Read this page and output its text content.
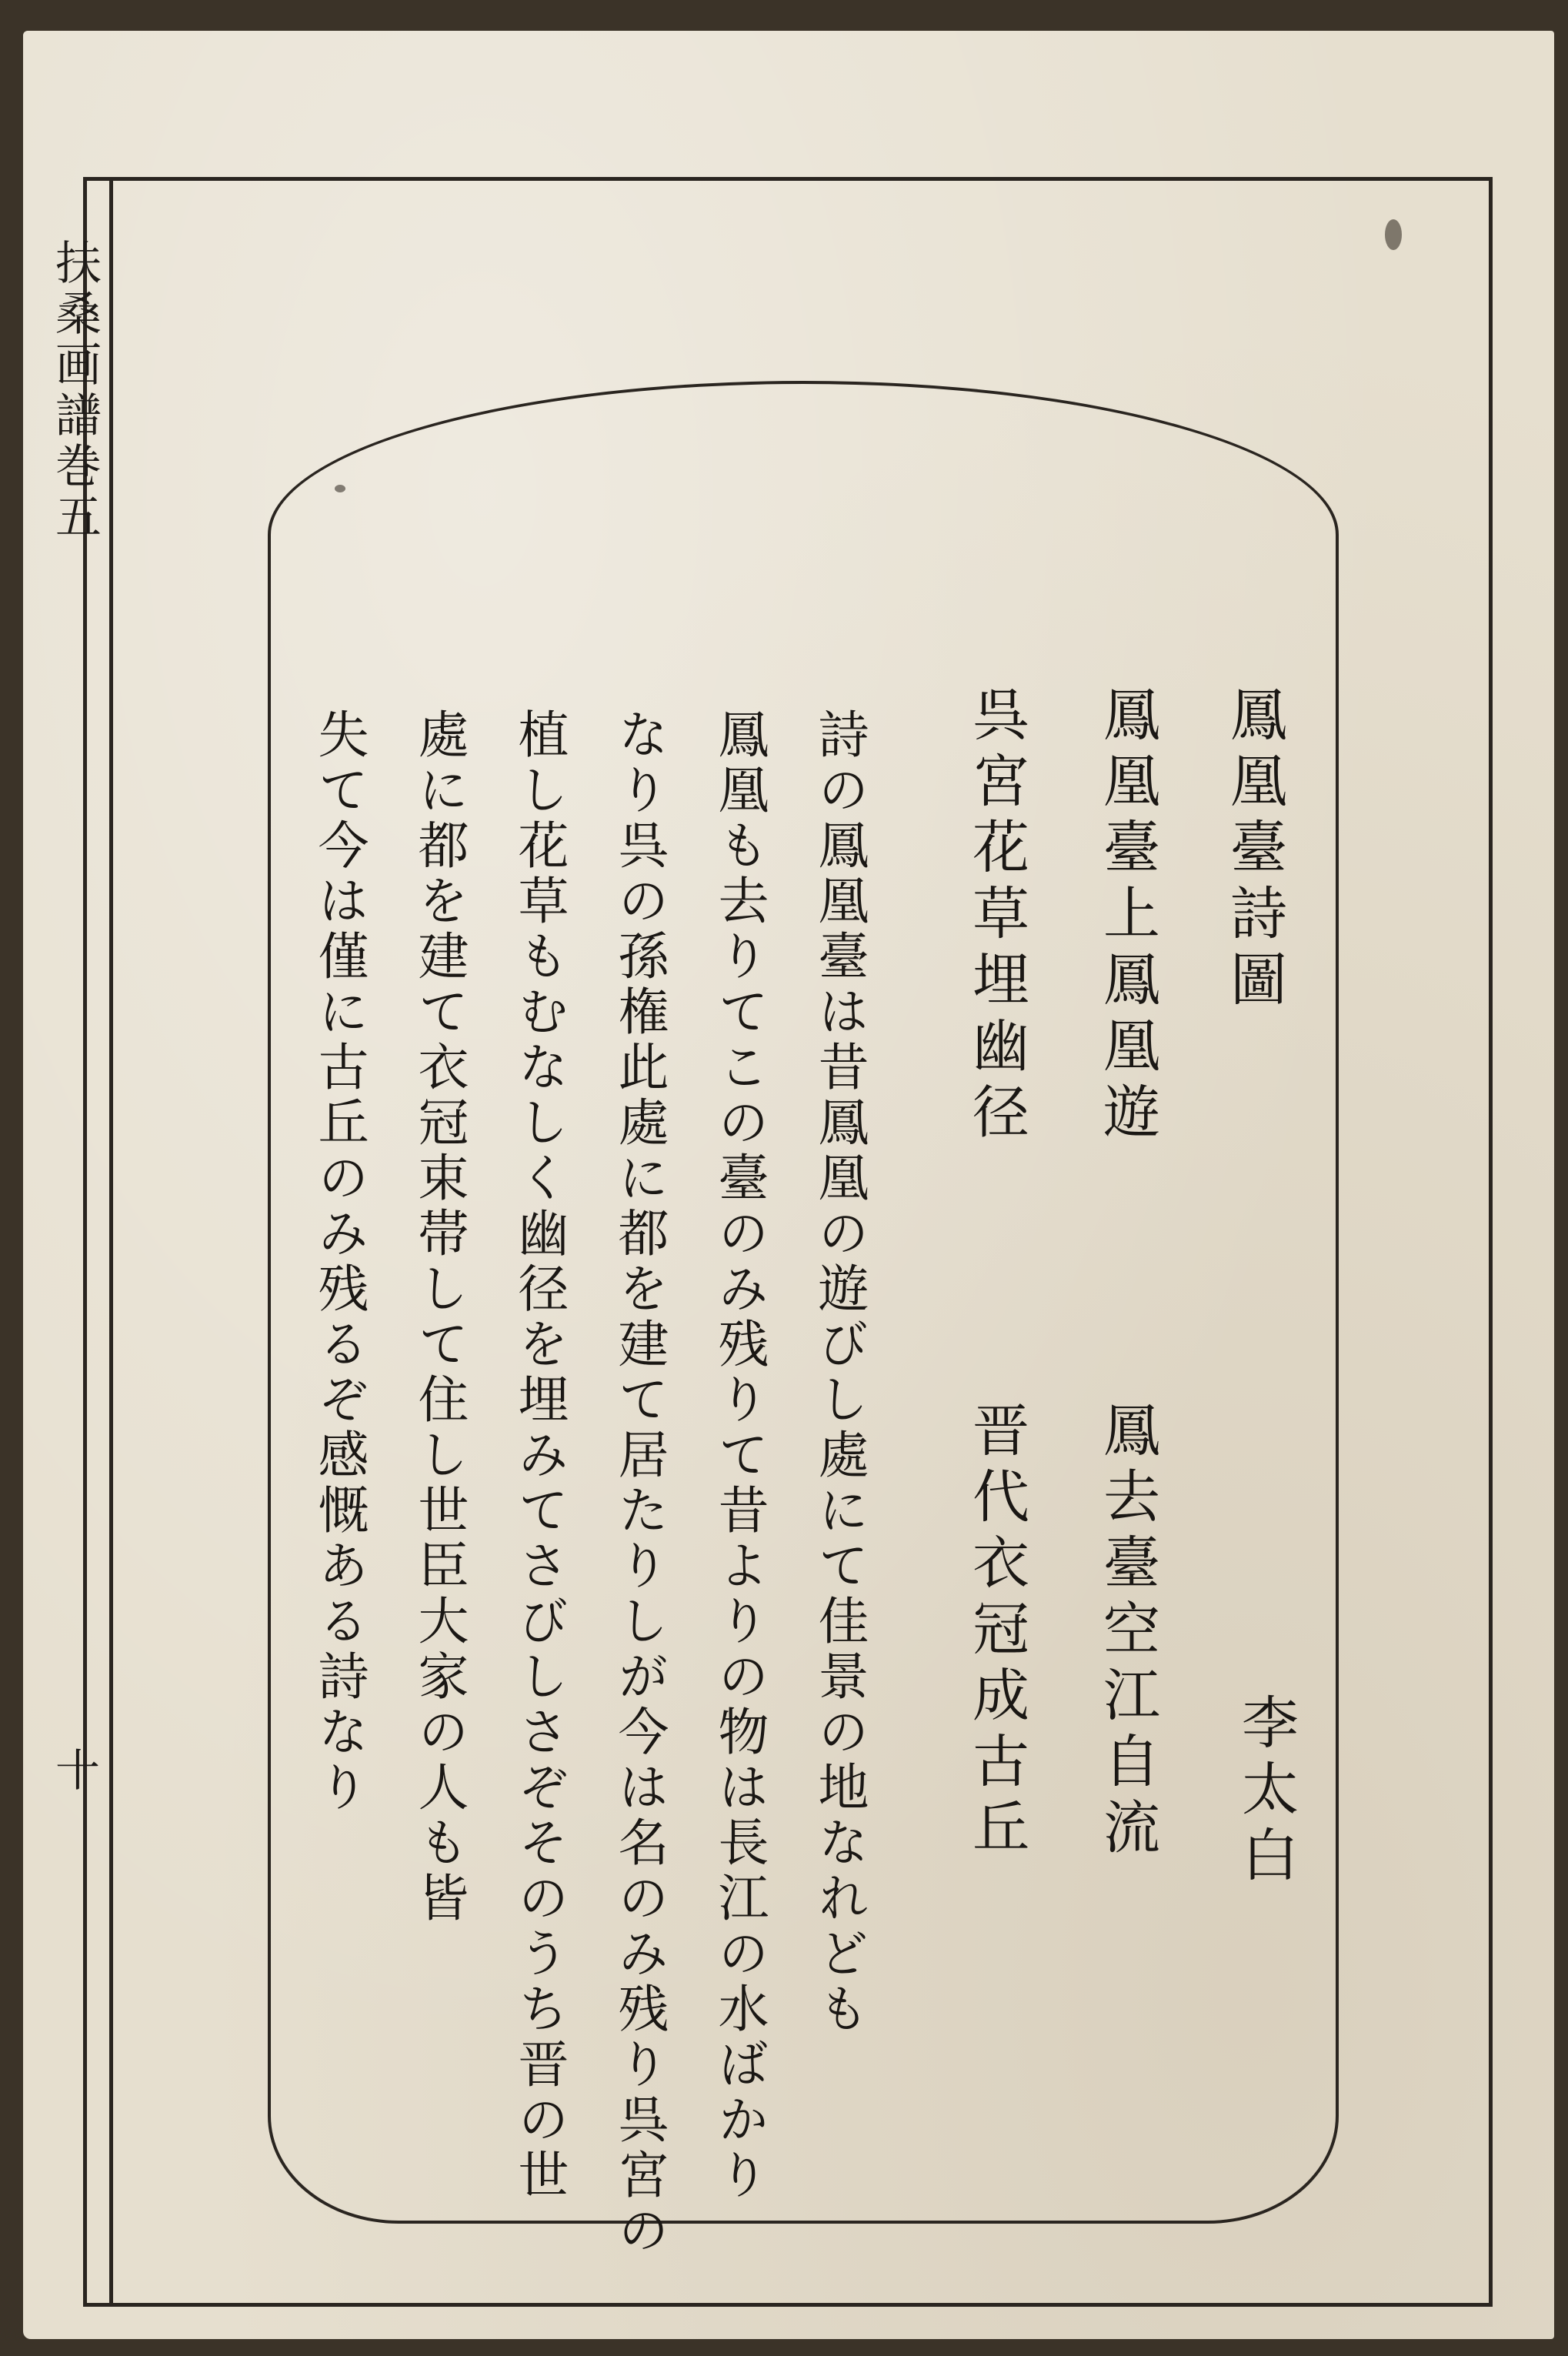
扶桑画譜巻五
十

鳳凰臺詩圖

李太白

鳳凰臺上鳳凰遊

呉宮花草埋幽径

鳳去臺空江自流

晋代衣冠成古丘

詩の鳳凰臺は昔鳳凰の遊びし處にて佳景の地なれども

鳳凰も去りてこの臺のみ残りて昔よりの物は長江の水ばかり

なり呉の孫権此處に都を建て居たりしが今は名のみ残り呉宮の

植し花草もむなしく幽径を埋みてさびしさぞそのうち晋の世

處に都を建て衣冠束帯して住し世臣大家の人も皆

失て今は僅に古丘のみ残るぞ感慨ある詩なり
